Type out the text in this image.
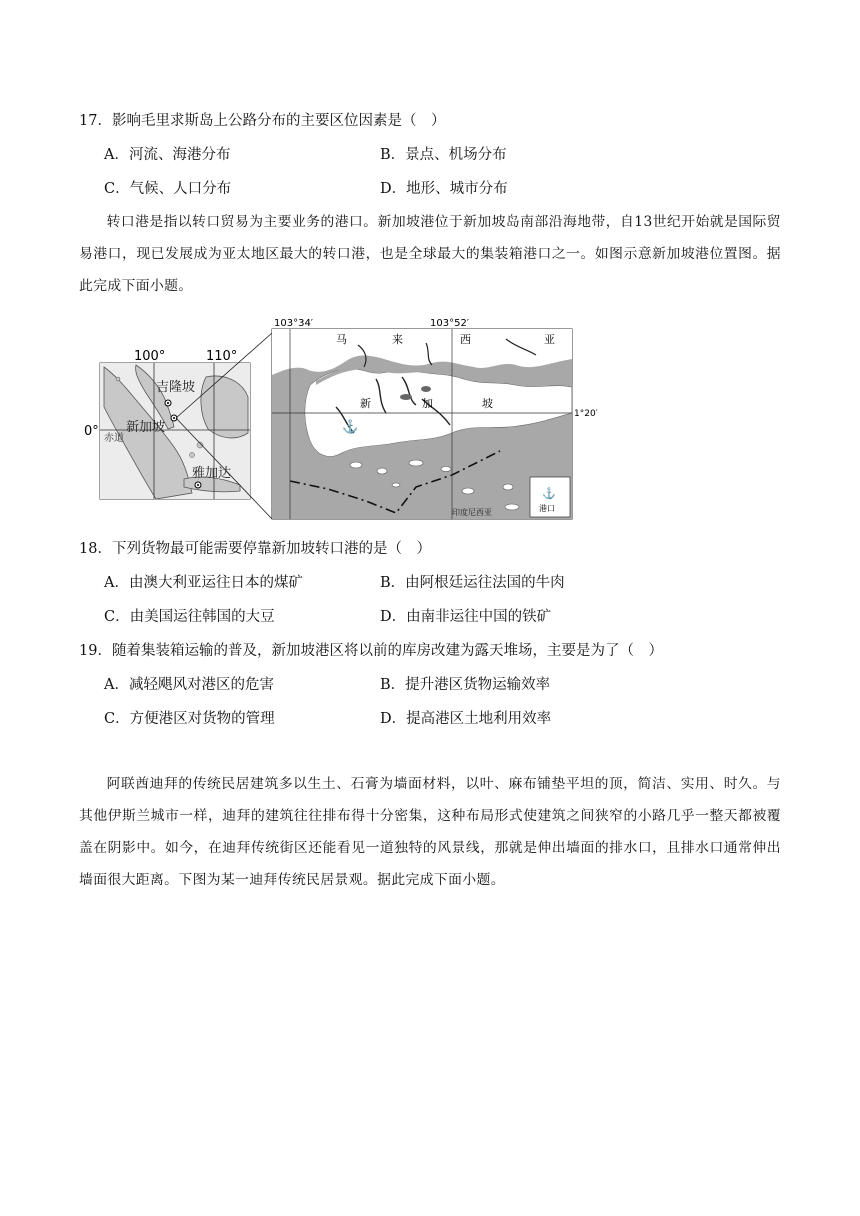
17．影响毛里求斯岛上公路分布的主要区位因素是（　）
A．河流、海港分布	B．景点、机场分布
C．气候、人口分布	D．地形、城市分布
转口港是指以转口贸易为主要业务的港口。新加坡港位于新加坡岛南部沿海地带，自13世纪开始就是国际贸易港口，现已发展成为亚太地区最大的转口港，也是全球最大的集装箱港口之一。如图示意新加坡港位置图。据此完成下面小题。
100°	110°
0° 赤道
吉隆坡
新加坡
雅加达
⚓
103°34′	103°52′
1°20′
马	来	西	亚
新	加	坡
印度尼西亚
⚓
港口
18．下列货物最可能需要停靠新加坡转口港的是（　）
A．由澳大利亚运往日本的煤矿	B．由阿根廷运往法国的牛肉
C．由美国运往韩国的大豆	D．由南非运往中国的铁矿
19．随着集装箱运输的普及，新加坡港区将以前的库房改建为露天堆场，主要是为了（　）
A．减轻飓风对港区的危害	B．提升港区货物运输效率
C．方便港区对货物的管理	D．提高港区土地利用效率
阿联酋迪拜的传统民居建筑多以生土、石膏为墙面材料，以叶、麻布铺垫平坦的顶，简洁、实用、时久。与其他伊斯兰城市一样，迪拜的建筑往往排布得十分密集，这种布局形式使建筑之间狭窄的小路几乎一整天都被覆盖在阴影中。如今，在迪拜传统街区还能看见一道独特的风景线，那就是伸出墙面的排水口，且排水口通常伸出墙面很大距离。下图为某一迪拜传统民居景观。据此完成下面小题。
